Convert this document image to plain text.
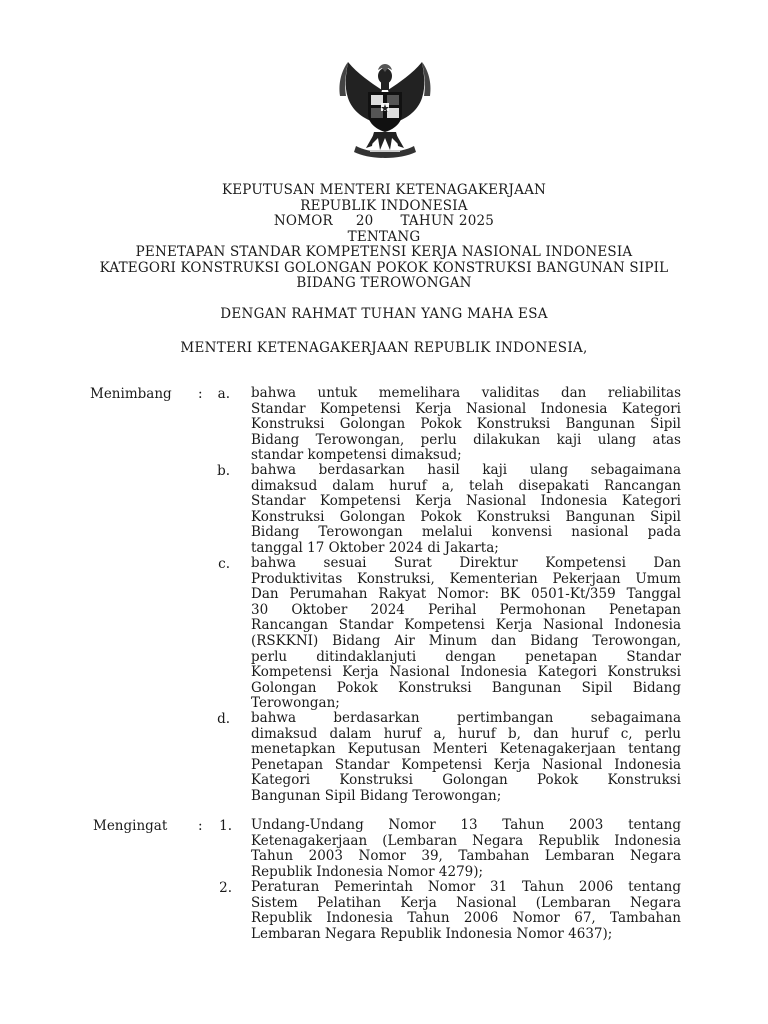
KEPUTUSAN MENTERI KETENAGAKERJAAN
REPUBLIK INDONESIA
NOMOR 20 TAHUN 2025
TENTANG
PENETAPAN STANDAR KOMPETENSI KERJA NASIONAL INDONESIA
KATEGORI KONSTRUKSI GOLONGAN POKOK KONSTRUKSI BANGUNAN SIPIL
BIDANG TEROWONGAN
DENGAN RAHMAT TUHAN YANG MAHA ESA
MENTERI KETENAGAKERJAAN REPUBLIK INDONESIA,
Menimbang :	a. bahwa untuk memelihara validitas dan reliabilitas
Standar Kompetensi Kerja Nasional Indonesia Kategori
Konstruksi Golongan Pokok Konstruksi Bangunan Sipil
Bidang Terowongan, perlu dilakukan kaji ulang atas
standar kompetensi dimaksud;
b. bahwa berdasarkan hasil kaji ulang sebagaimana
dimaksud dalam huruf a, telah disepakati Rancangan
Standar Kompetensi Kerja Nasional Indonesia Kategori
Konstruksi Golongan Pokok Konstruksi Bangunan Sipil
Bidang Terowongan melalui konvensi nasional pada
tanggal 17 Oktober 2024 di Jakarta;
c. bahwa sesuai Surat Direktur Kompetensi Dan
Produktivitas Konstruksi, Kementerian Pekerjaan Umum
Dan Perumahan Rakyat Nomor: BK 0501-Kt/359 Tanggal
30 Oktober 2024 Perihal Permohonan Penetapan
Rancangan Standar Kompetensi Kerja Nasional Indonesia
(RSKKNI) Bidang Air Minum dan Bidang Terowongan,
perlu ditindaklanjuti dengan penetapan Standar
Kompetensi Kerja Nasional Indonesia Kategori Konstruksi
Golongan Pokok Konstruksi Bangunan Sipil Bidang
Terowongan;
d. bahwa berdasarkan pertimbangan sebagaimana
dimaksud dalam huruf a, huruf b, dan huruf c, perlu
menetapkan Keputusan Menteri Ketenagakerjaan tentang
Penetapan Standar Kompetensi Kerja Nasional Indonesia
Kategori Konstruksi Golongan Pokok Konstruksi
Bangunan Sipil Bidang Terowongan;
Mengingat :	1. Undang-Undang Nomor 13 Tahun 2003 tentang
Ketenagakerjaan (Lembaran Negara Republik Indonesia
Tahun 2003 Nomor 39, Tambahan Lembaran Negara
Republik Indonesia Nomor 4279);
2. Peraturan Pemerintah Nomor 31 Tahun 2006 tentang
Sistem Pelatihan Kerja Nasional (Lembaran Negara
Republik Indonesia Tahun 2006 Nomor 67, Tambahan
Lembaran Negara Republik Indonesia Nomor 4637);
